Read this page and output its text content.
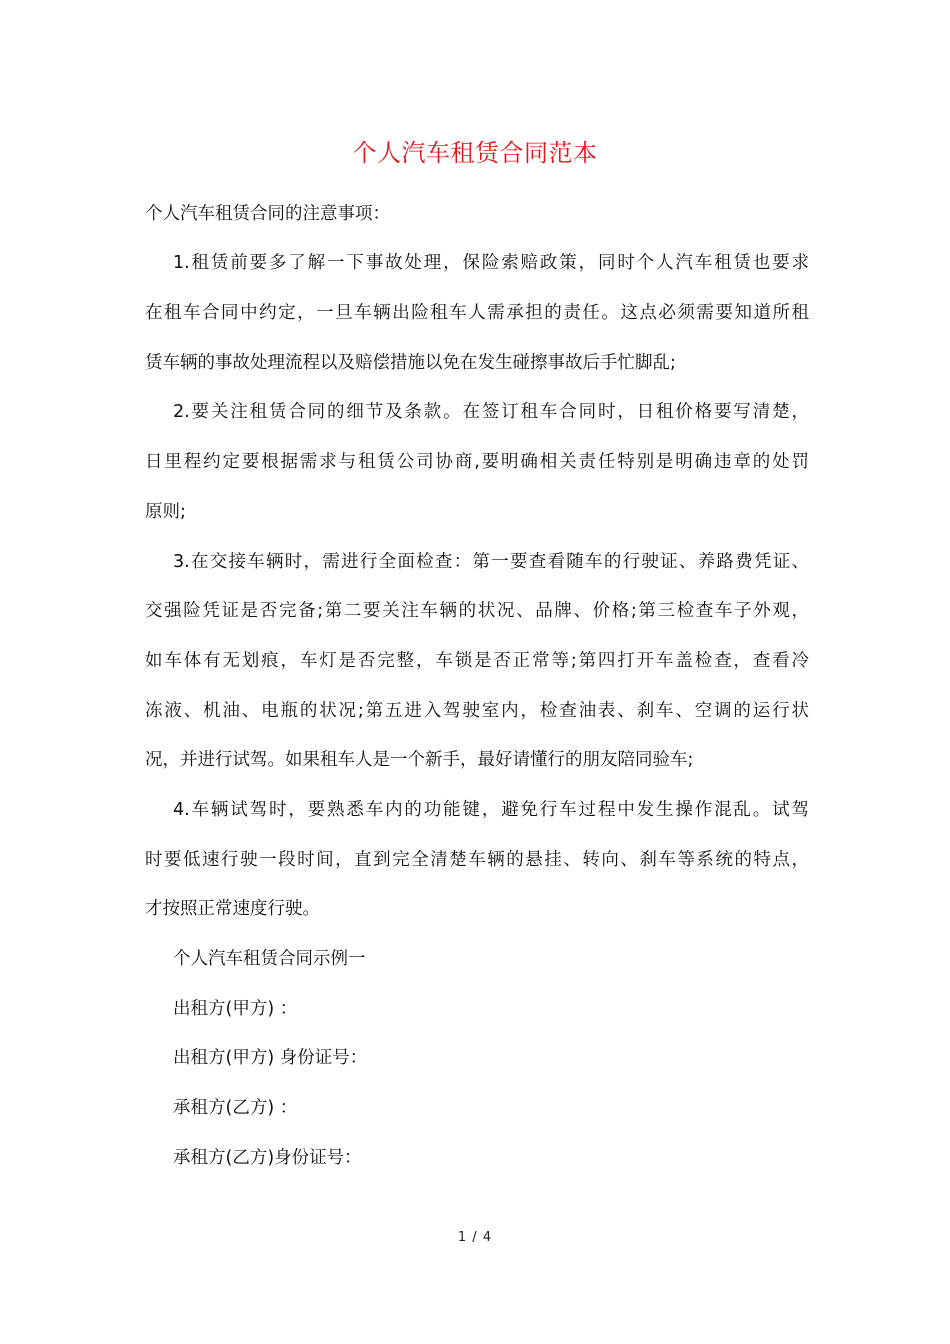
个人汽车租赁合同范本
个人汽车租赁合同的注意事项：
1.租赁前要多了解一下事故处理，保险索赔政策，同时个人汽车租赁也要求
在租车合同中约定，一旦车辆出险租车人需承担的责任。这点必须需要知道所租
赁车辆的事故处理流程以及赔偿措施以免在发生碰擦事故后手忙脚乱;
2.要关注租赁合同的细节及条款。在签订租车合同时，日租价格要写清楚，
日里程约定要根据需求与租赁公司协商,要明确相关责任特别是明确违章的处罚
原则;
3.在交接车辆时，需进行全面检查：第一要查看随车的行驶证、养路费凭证、
交强险凭证是否完备;第二要关注车辆的状况、品牌、价格;第三检查车子外观，
如车体有无划痕，车灯是否完整，车锁是否正常等;第四打开车盖检查，查看冷
冻液、机油、电瓶的状况;第五进入驾驶室内，检查油表、刹车、空调的运行状
况，并进行试驾。如果租车人是一个新手，最好请懂行的朋友陪同验车;
4.车辆试驾时，要熟悉车内的功能键，避免行车过程中发生操作混乱。试驾
时要低速行驶一段时间，直到完全清楚车辆的悬挂、转向、刹车等系统的特点，
才按照正常速度行驶。
个人汽车租赁合同示例一
出租方(甲方) ：
出租方(甲方) 身份证号：
承租方(乙方) ：
承租方(乙方)身份证号：
1 / 4
